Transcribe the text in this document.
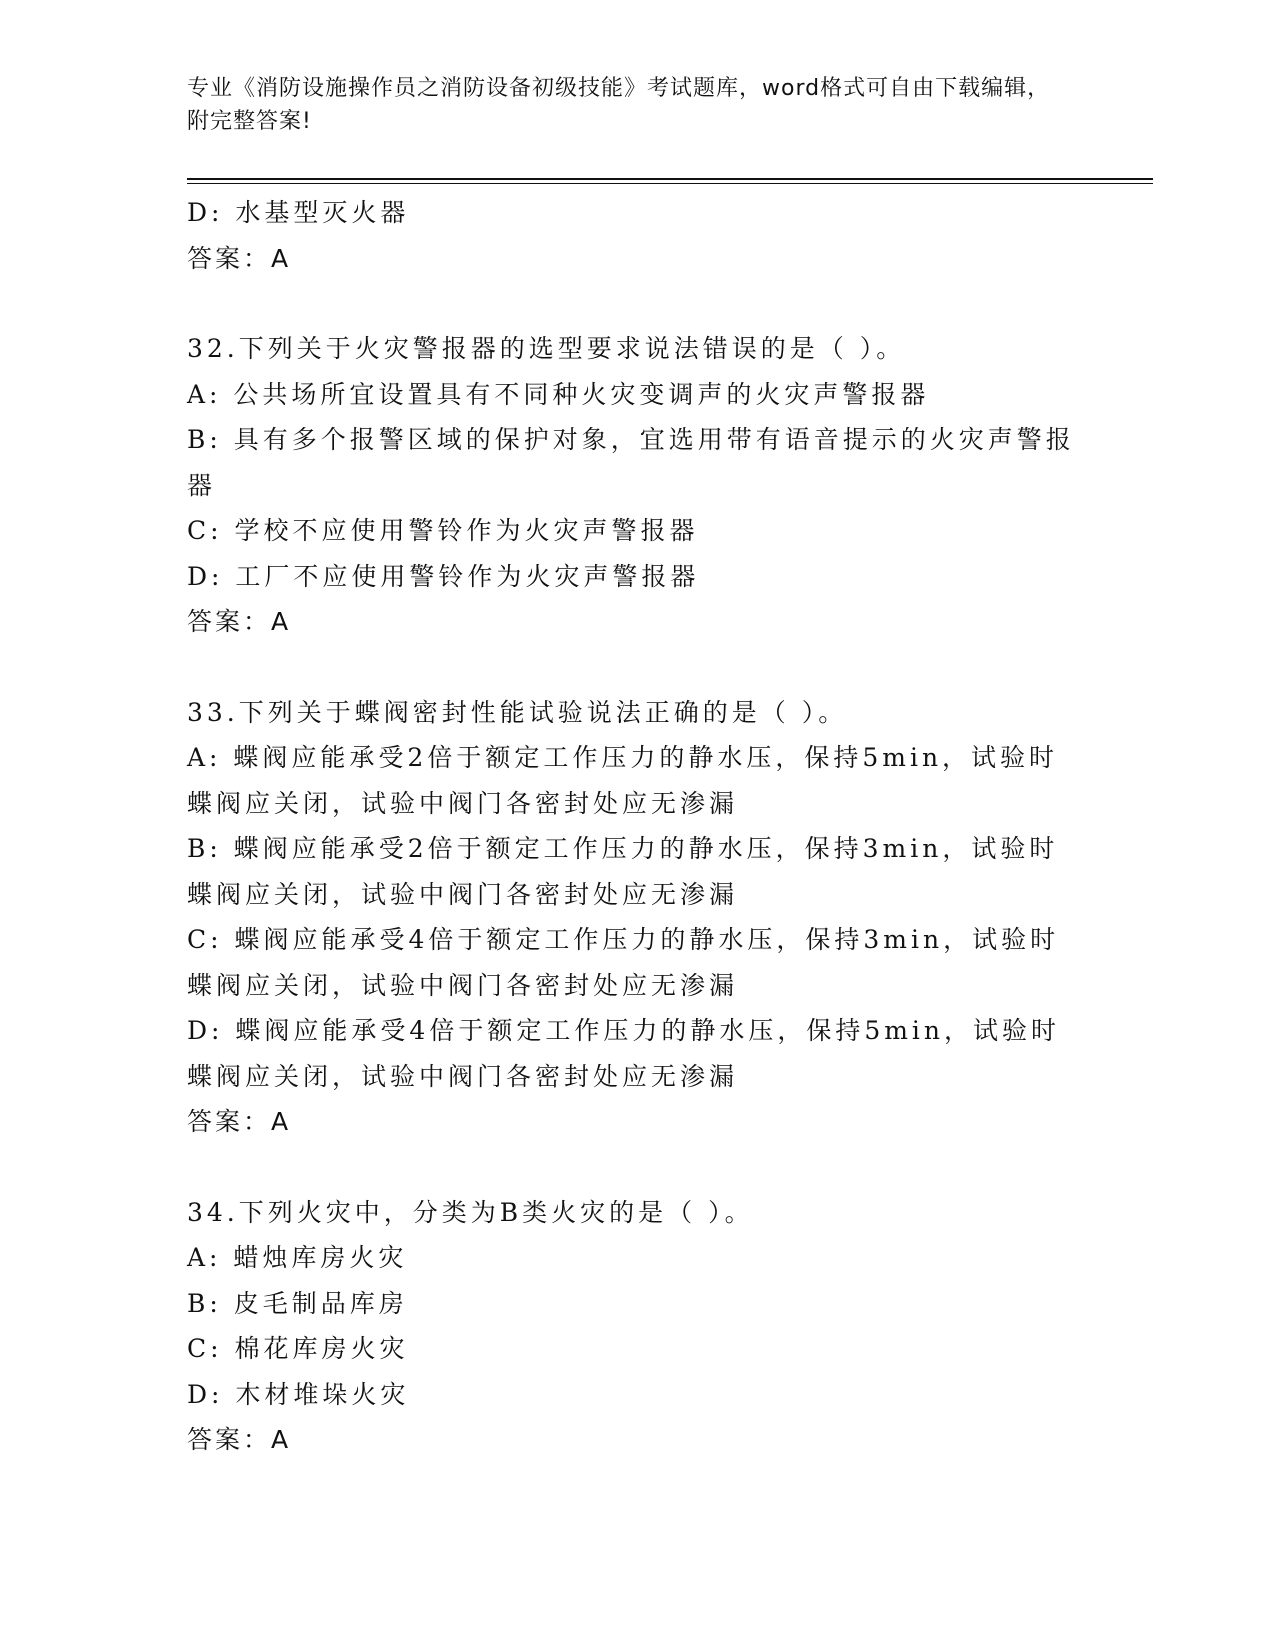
专业《消防设施操作员之消防设备初级技能》考试题库，word格式可自由下载编辑，附完整答案!
D: 水基型灭火器
答案：A
32.下列关于火灾警报器的选型要求说法错误的是（ ）。
A: 公共场所宜设置具有不同种火灾变调声的火灾声警报器
B: 具有多个报警区域的保护对象，宜选用带有语音提示的火灾声警报器
C: 学校不应使用警铃作为火灾声警报器
D: 工厂不应使用警铃作为火灾声警报器
答案：A
33.下列关于蝶阀密封性能试验说法正确的是（ ）。
A: 蝶阀应能承受2倍于额定工作压力的静水压，保持5min，试验时蝶阀应关闭，试验中阀门各密封处应无渗漏
B: 蝶阀应能承受2倍于额定工作压力的静水压，保持3min，试验时蝶阀应关闭，试验中阀门各密封处应无渗漏
C: 蝶阀应能承受4倍于额定工作压力的静水压，保持3min，试验时蝶阀应关闭，试验中阀门各密封处应无渗漏
D: 蝶阀应能承受4倍于额定工作压力的静水压，保持5min，试验时蝶阀应关闭，试验中阀门各密封处应无渗漏
答案：A
34.下列火灾中，分类为B类火灾的是（ ）。
A: 蜡烛库房火灾
B: 皮毛制品库房
C: 棉花库房火灾
D: 木材堆垛火灾
答案：A
